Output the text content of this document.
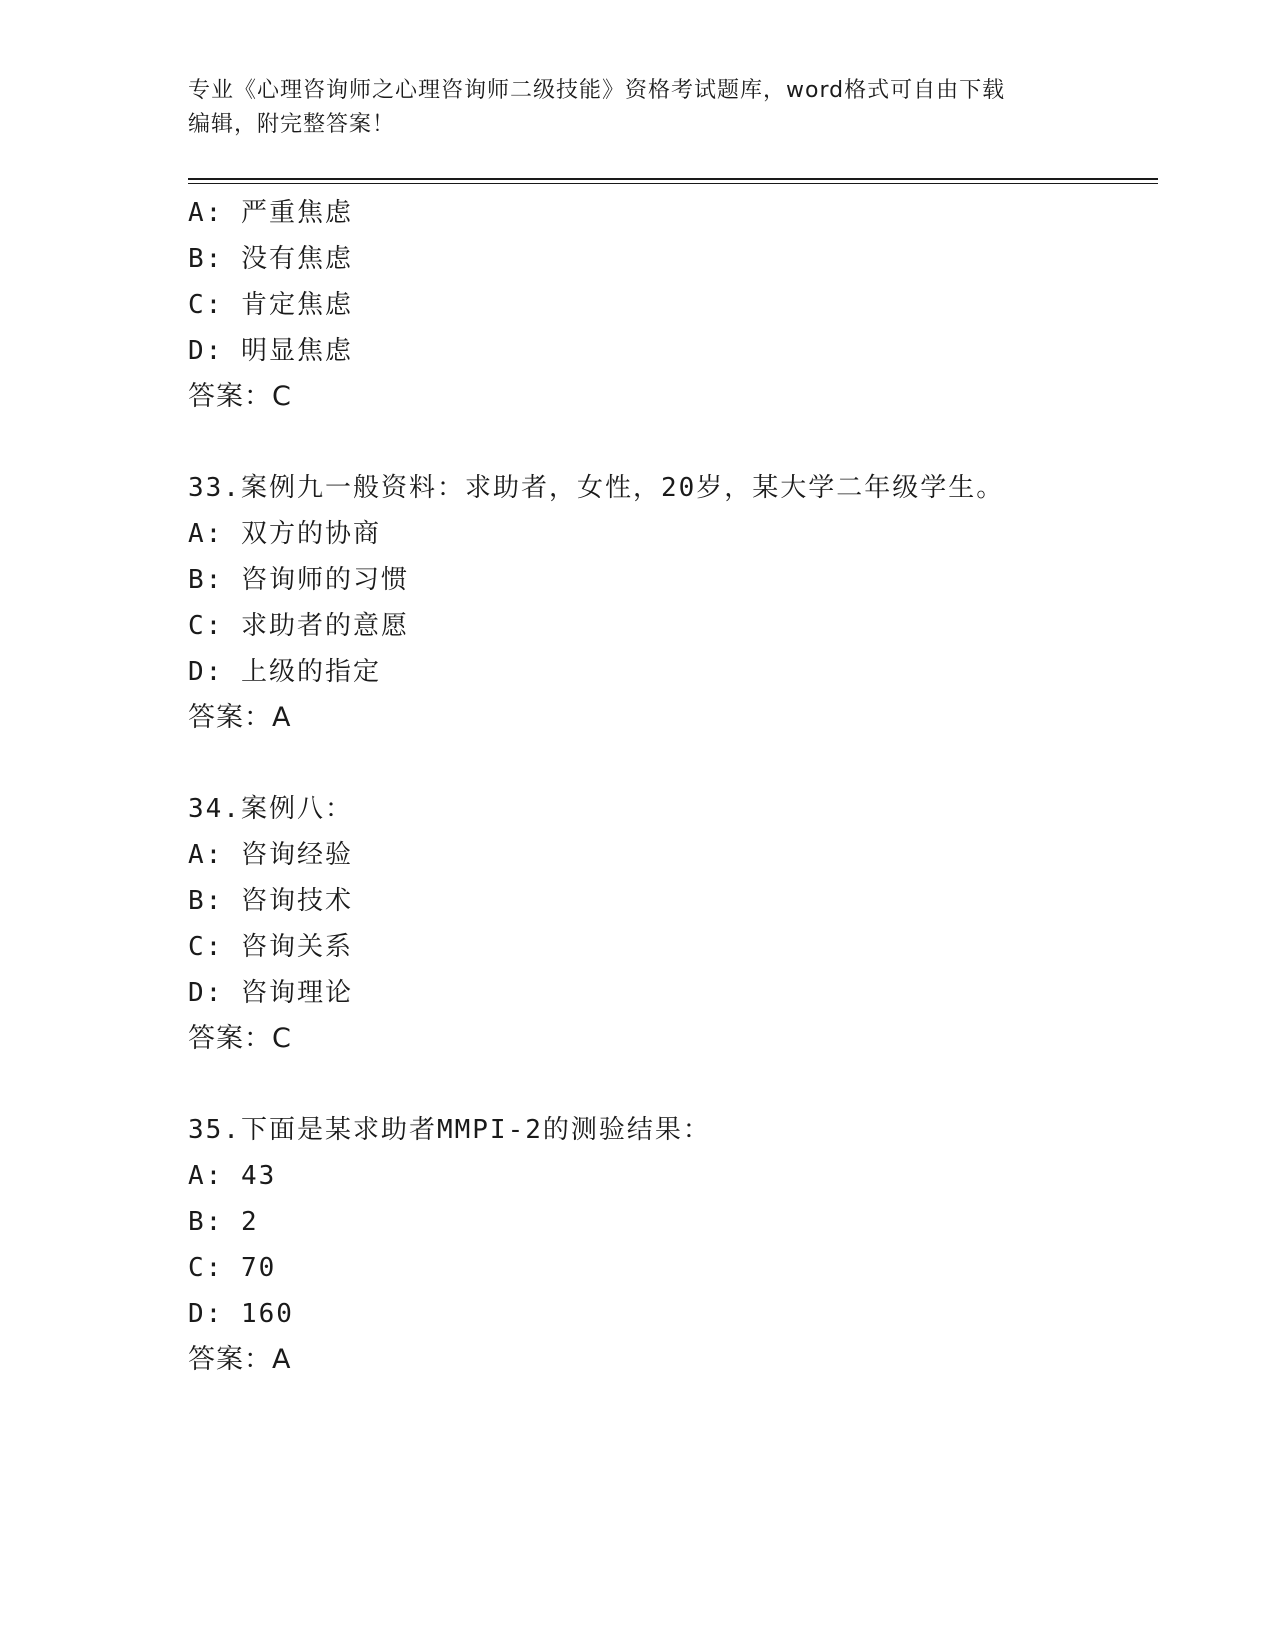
专业《心理咨询师之心理咨询师二级技能》资格考试题库，word格式可自由下载
编辑，附完整答案！
A: 严重焦虑
B: 没有焦虑
C: 肯定焦虑
D: 明显焦虑
答案：C
33.案例九一般资料：求助者，女性，20岁，某大学二年级学生。
A: 双方的协商
B: 咨询师的习惯
C: 求助者的意愿
D: 上级的指定
答案：A
34.案例八：
A: 咨询经验
B: 咨询技术
C: 咨询关系
D: 咨询理论
答案：C
35.下面是某求助者MMPI-2的测验结果：
A: 43
B: 2
C: 70
D: 160
答案：A
